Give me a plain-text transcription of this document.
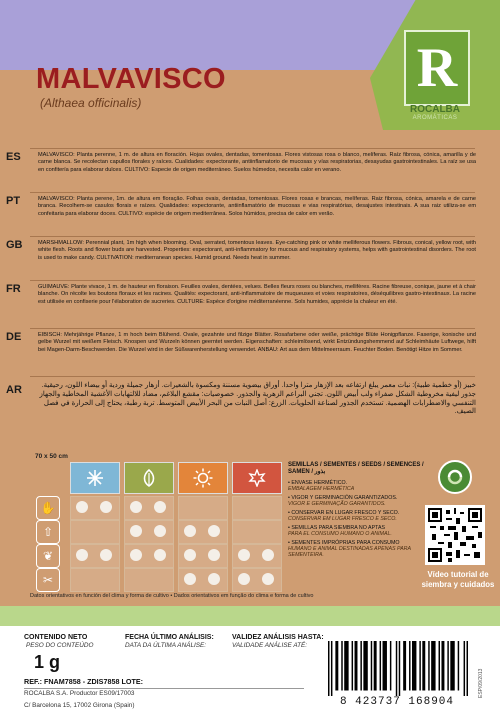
R
ROCALBA
AROMÁTICAS
MALVAVISCO
(Althaea officinalis)
ES	MALVAVISCO: Planta perenne, 1 m. de altura en floración. Hojas ovales, dentadas, tomentosas. Flores vistosas rosa o blanco, melíferas. Raíz fibrosa, cónica, amarilla y de carne blanca. Se recolectan capullos florales y raíces. Cualidades: expectorante, antiinflamatorio de mucosas y vías respiratorias, desayudas gastrointestinales. La raíz se usa en confitería para elaborar dulces. CULTIVO: Especie de origen mediterráneo. Suelos húmedos, necesita calor en verano.
PT	MALVAVISCO: Planta perene, 1m. de altura em floração. Folhas ovais, dentadas, tomentosas. Flores rosas e brancas, melíferas. Raiz fibrosa, cónica, amarela e de carne branca. Recolhem-se casulos florais e raízes. Qualidades: expectorante, antiinflamatório de mucosas e vias respiratórias, desajustes intestinais. A sua raiz utiliza-se em confeitaria para elaborar doces. CULTIVO: espécie de origem mediterrânea. Solos húmidos, precisa de calor em verão.
GB	MARSHMALLOW: Perennial plant, 1m high when blooming. Oval, serrated, tomentous leaves. Eye-catching pink or white melliferous flowers. Fibrous, conical, yellow root, with white flesh. Roots and flower buds are harvested. Properties: expectorant, anti-inflammatory for mucous and respiratory systems, helps with gastrointestinal disorders. The root is used to make candy. CULTIVATION: mediterranean species. Humid ground. Needs heat in summer.
FR	GUIMAUVE: Plante vivace, 1 m. de hauteur en floraison. Feuilles ovales, dentées, velues. Belles fleurs roses ou blanches, mellifères. Racine fibreuse, conique, jaune et à chair blanche. On récolte les boutons floraux et les racines. Qualités: expectorant, anti-inflammatoire de muqueuses et voies respiratoires, déséquilibres gastro-intestinaux. La racine est utilisée en confiserie pour l'élaboration de sucreries. CULTURE: Espèce d'origine méditerranéenne. Sols humides, apprécie la chaleur en été.
DE	EIBISCH: Mehrjährige Pflanze, 1 m hoch beim Blühend. Ovale, gezahnte und filzige Blätter. Rosafarbene oder weiße, prächtige Blüte Honigpflanze. Faserige, konische und gelbe Wurzel mit weißem Fleisch. Knospen und Wurzeln können geerntet werden. Eigenschaften: schleimlösend, wirkt Entzündungshemmend auf Schleimhäute Luftwege, hilft bei Magen-Darm-Beschwerden. Die Wurzel wird in der Süßwarenherstellung verwendet. ANBAU: Art aus dem Mittelmeerraum. Feuchter Boden. Benötigt Hitze im Sommer.
AR	خبيز (أو خطمية طبية): نبات معمر يبلغ ارتفاعه بعد الإزهار مترا واحدا. أوراق بيضوية مسننة ومكسوة بالشعيرات. أزهار جميلة وردية أو بيضاء اللون، رحيقية. جذور ليفية مخروطية الشكل صفراء ولب أبيض اللون. تجني البراعم الزهرية والجذور. خصوصيات: مقشع البلاغم، مضاد للالتهابات الأغشية المخاطية والجهاز التنفسي والاضطرابات الهضمية. تستخدم الجذور لصناعة الحلويات. الزرع: أصل النبات من البحر الأبيض المتوسط. تربة رطبة، يحتاج إلى الحرارة في فصل الصيف.
70 x 50 cm
✋
⇧
❦
✂
SEMILLAS / SEMENTES / SEEDS / SEMENCES / SAMEN / بذور
• ENVASE HERMÉTICO.
EMBALAGEM HERMÉTICA
• VIGOR Y GERMINACIÓN GARANTIZADOS.
VIGOR E GERMINAÇÃO GARANTIDOS.
• CONSERVAR EN LUGAR FRESCO Y SECO.
CONSERVAR EM LUGAR FRESCO E SECO.
• SEMILLAS PARA SIEMBRA NO APTAS
PARA EL CONSUMO HUMANO O ANIMAL.
• SEMENTES IMPRÓPRIAS PARA CONSUMO
HUMANO E ANIMAL DESTINADAS APENAS PARA SEMENTEIRA.
Vídeo tutorial de
siembra y cuidados
Datos orientativos en función del clima y forma de cultivo • Dados orientativos em função do clima e forma de cultivo
CONTENIDO NETO
PESO DO CONTEÚDO
1 g
FECHA ÚLTIMO ANÁLISIS:
DATA DA ÚLTIMA ANÁLISE:
VALIDEZ ANÁLISIS HASTA:
VALIDADE ANÁLISE ATÉ:
REF.: FNAM7858 - ZDIS7858 LOTE:
ROCALBA S.A. Productor ES09/17003
C/ Barcelona 15, 17002 Girona (Spain)
ESP/09/2013
8 423737 168904
